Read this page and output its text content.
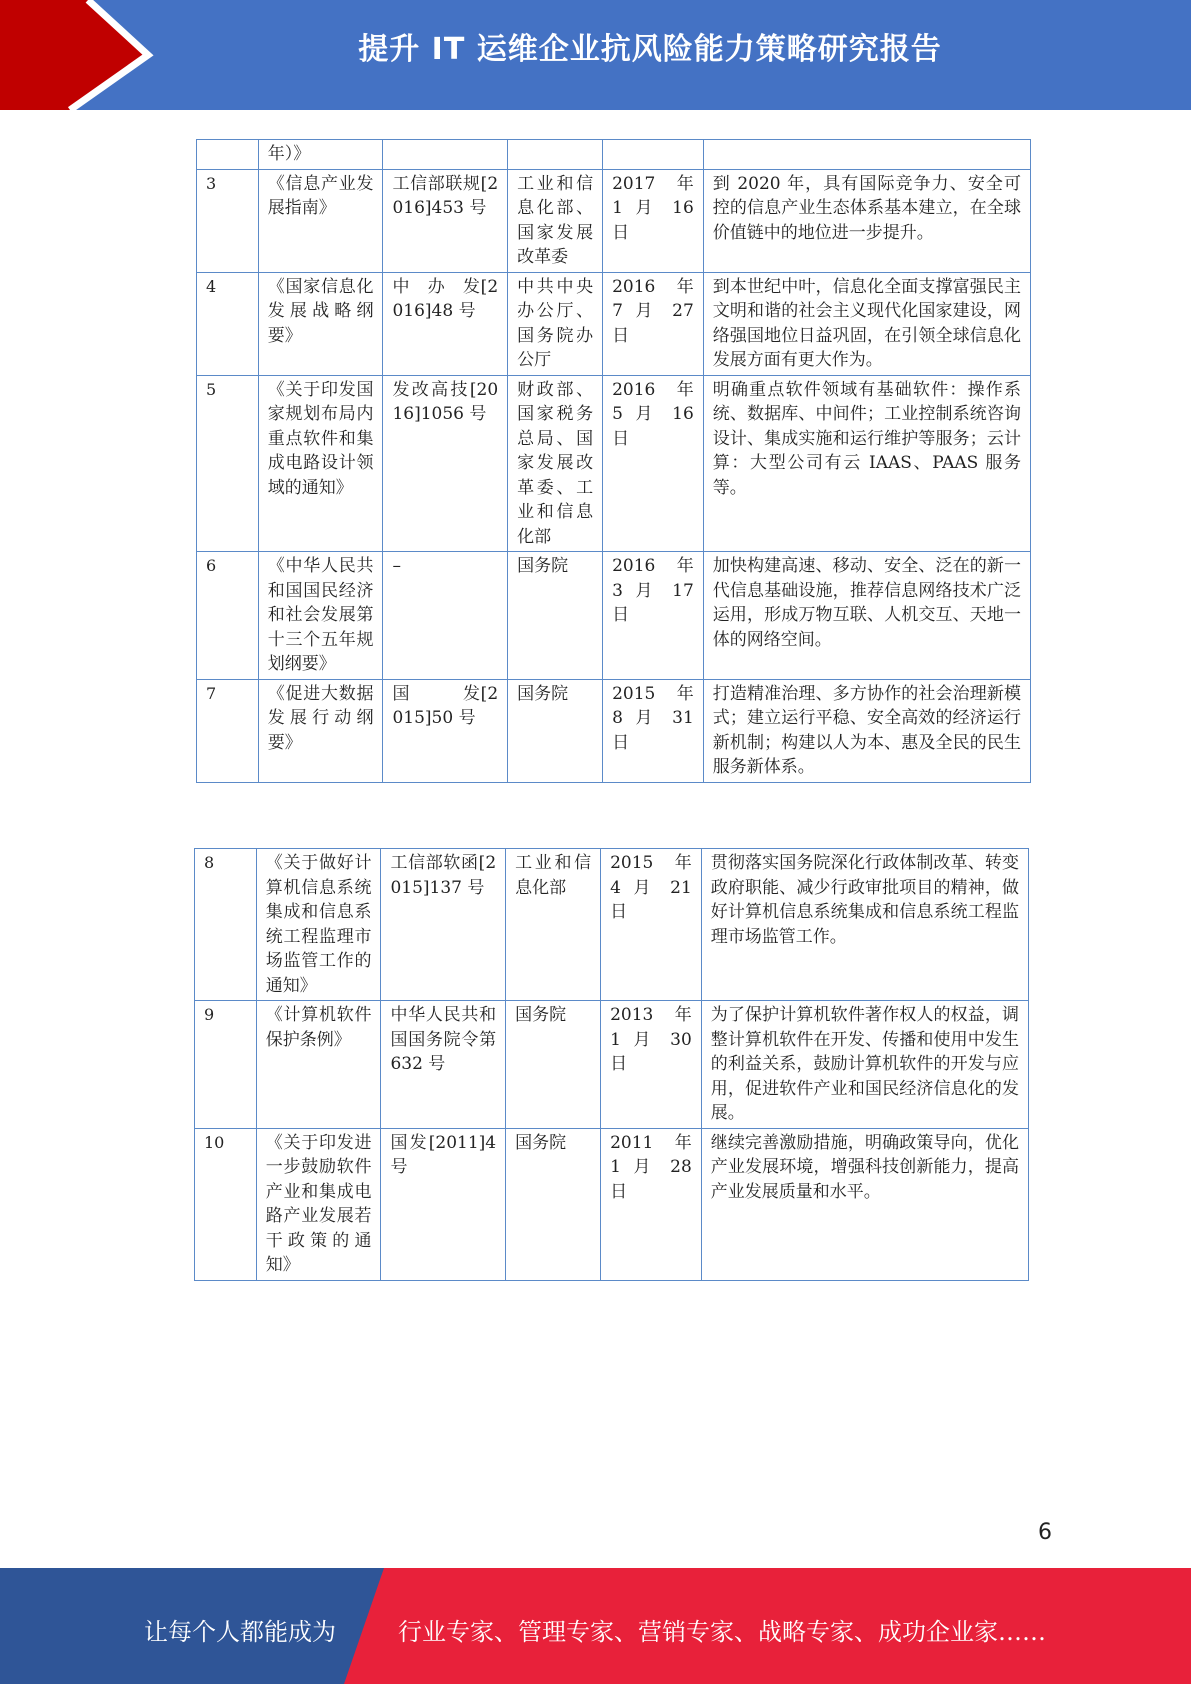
提升 IT 运维企业抗风险能力策略研究报告
	年）》				
3	《信息产业发展指南》	工信部联规[2016]453 号	工业和信息化部、国家发展改革委	2017 年 1 月 16 日	到 2020 年，具有国际竞争力、安全可控的信息产业生态体系基本建立，在全球价值链中的地位进一步提升。
4	《国家信息化发展战略纲要》	中　办　发[2016]48 号	中共中央办公厅、国务院办公厅	2016 年 7 月 27 日	到本世纪中叶，信息化全面支撑富强民主文明和谐的社会主义现代化国家建设，网络强国地位日益巩固，在引领全球信息化发展方面有更大作为。
5	《关于印发国家规划布局内重点软件和集成电路设计领域的通知》	发改高技[2016]1056 号	财政部、国家税务总局、国家发展改革委、工业和信息化部	2016 年 5 月 16 日	明确重点软件领域有基础软件：操作系统、数据库、中间件；工业控制系统咨询设计、集成实施和运行维护等服务；云计算：大型公司有云 IAAS、PAAS 服务等。
6	《中华人民共和国国民经济和社会发展第十三个五年规划纲要》	–	国务院	2016 年 3 月 17 日	加快构建高速、移动、安全、泛在的新一代信息基础设施，推荐信息网络技术广泛运用，形成万物互联、人机交互、天地一体的网络空间。
7	《促进大数据发展行动纲要》	国　　　发[2015]50 号	国务院	2015 年 8 月 31 日	打造精准治理、多方协作的社会治理新模式；建立运行平稳、安全高效的经济运行新机制；构建以人为本、惠及全民的民生服务新体系。
8	《关于做好计算机信息系统集成和信息系统工程监理市场监管工作的通知》	工信部软函[2015]137 号	工业和信息化部	2015 年 4 月 21 日	贯彻落实国务院深化行政体制改革、转变政府职能、减少行政审批项目的精神，做好计算机信息系统集成和信息系统工程监理市场监管工作。
9	《计算机软件保护条例》	中华人民共和国国务院令第 632 号	国务院	2013 年 1 月 30 日	为了保护计算机软件著作权人的权益，调整计算机软件在开发、传播和使用中发生的利益关系，鼓励计算机软件的开发与应用，促进软件产业和国民经济信息化的发展。
10	《关于印发进一步鼓励软件产业和集成电路产业发展若干政策的通知》	国发[2011]4 号	国务院	2011 年 1 月 28 日	继续完善激励措施，明确政策导向，优化产业发展环境，增强科技创新能力，提高产业发展质量和水平。
6
让每个人都能成为	行业专家、管理专家、营销专家、战略专家、成功企业家……
